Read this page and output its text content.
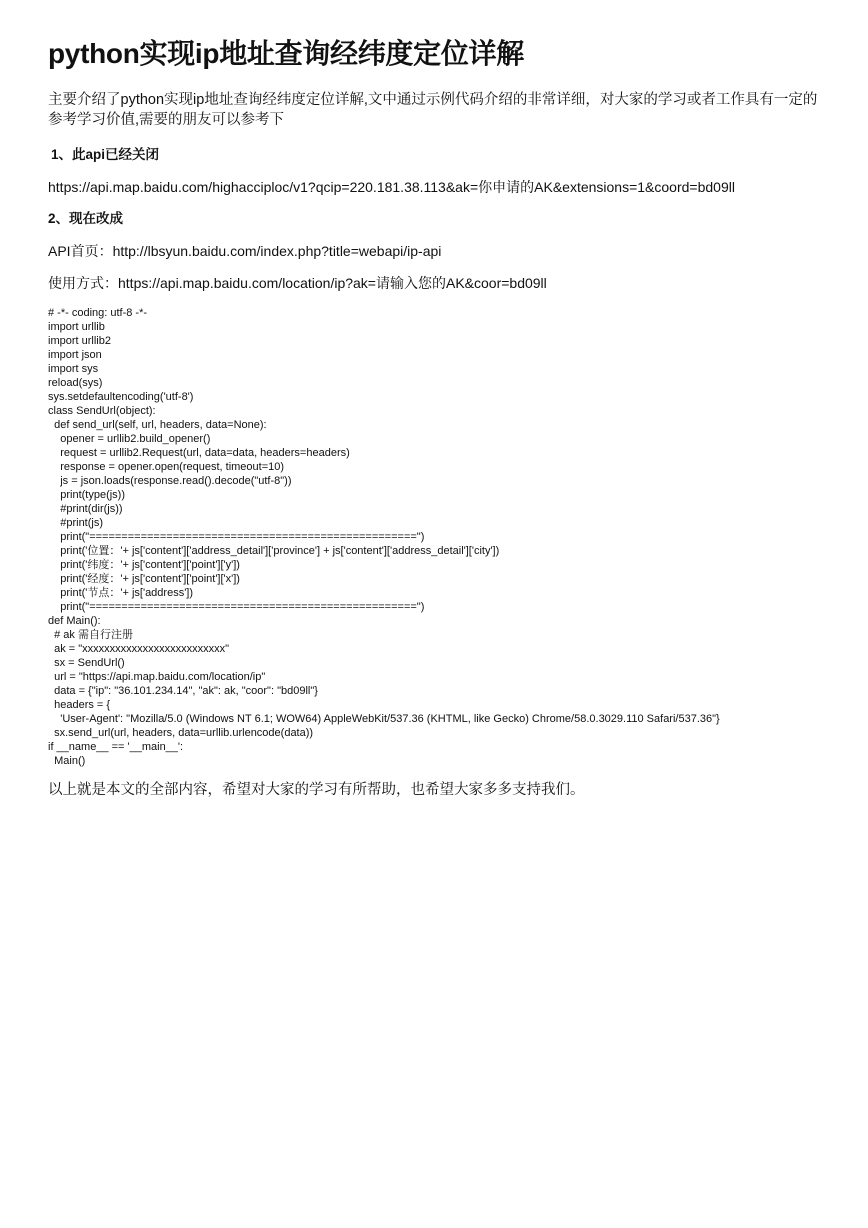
python实现ip地址查询经纬度定位详解

主要介绍了python实现ip地址查询经纬度定位详解,文中通过示例代码介绍的非常详细，对大家的学习或者工作具有一定的参考学习价值,需要的朋友可以参考下

1、此api已经关闭
https://api.map.baidu.com/highacciploc/v1?qcip=220.181.38.113&ak=你申请的AK&extensions=1&coord=bd09ll
2、现在改成
API首页：http://lbsyun.baidu.com/index.php?title=webapi/ip-api
使用方式：https://api.map.baidu.com/location/ip?ak=请输入您的AK&coor=bd09ll
# -*- coding: utf-8 -*-
import urllib
import urllib2
import json
import sys
reload(sys)
sys.setdefaultencoding('utf-8')
class SendUrl(object):
def send_url(self, url, headers, data=None):
opener = urllib2.build_opener()
request = urllib2.Request(url, data=data, headers=headers)
response = opener.open(request, timeout=10)
js = json.loads(response.read().decode("utf-8"))
print(type(js))
#print(dir(js))
#print(js)
print("===================================================")
print('位置：'+ js['content']['address_detail']['province'] + js['content']['address_detail']['city'])
print('纬度：'+ js['content']['point']['y'])
print('经度：'+ js['content']['point']['x'])
print('节点：'+ js['address'])
print("===================================================")
def Main():
# ak 需自行注册
ak = "xxxxxxxxxxxxxxxxxxxxxxxxxx"
sx = SendUrl()
url = "https://api.map.baidu.com/location/ip"
data = {"ip": "36.101.234.14", "ak": ak, "coor": "bd09ll"}
headers = {
'User-Agent': "Mozilla/5.0 (Windows NT 6.1; WOW64) AppleWebKit/537.36 (KHTML, like Gecko) Chrome/58.0.3029.110 Safari/537.36"}
sx.send_url(url, headers, data=urllib.urlencode(data))
if __name__ == '__main__':
Main()

以上就是本文的全部内容，希望对大家的学习有所帮助，也希望大家多多支持我们。
